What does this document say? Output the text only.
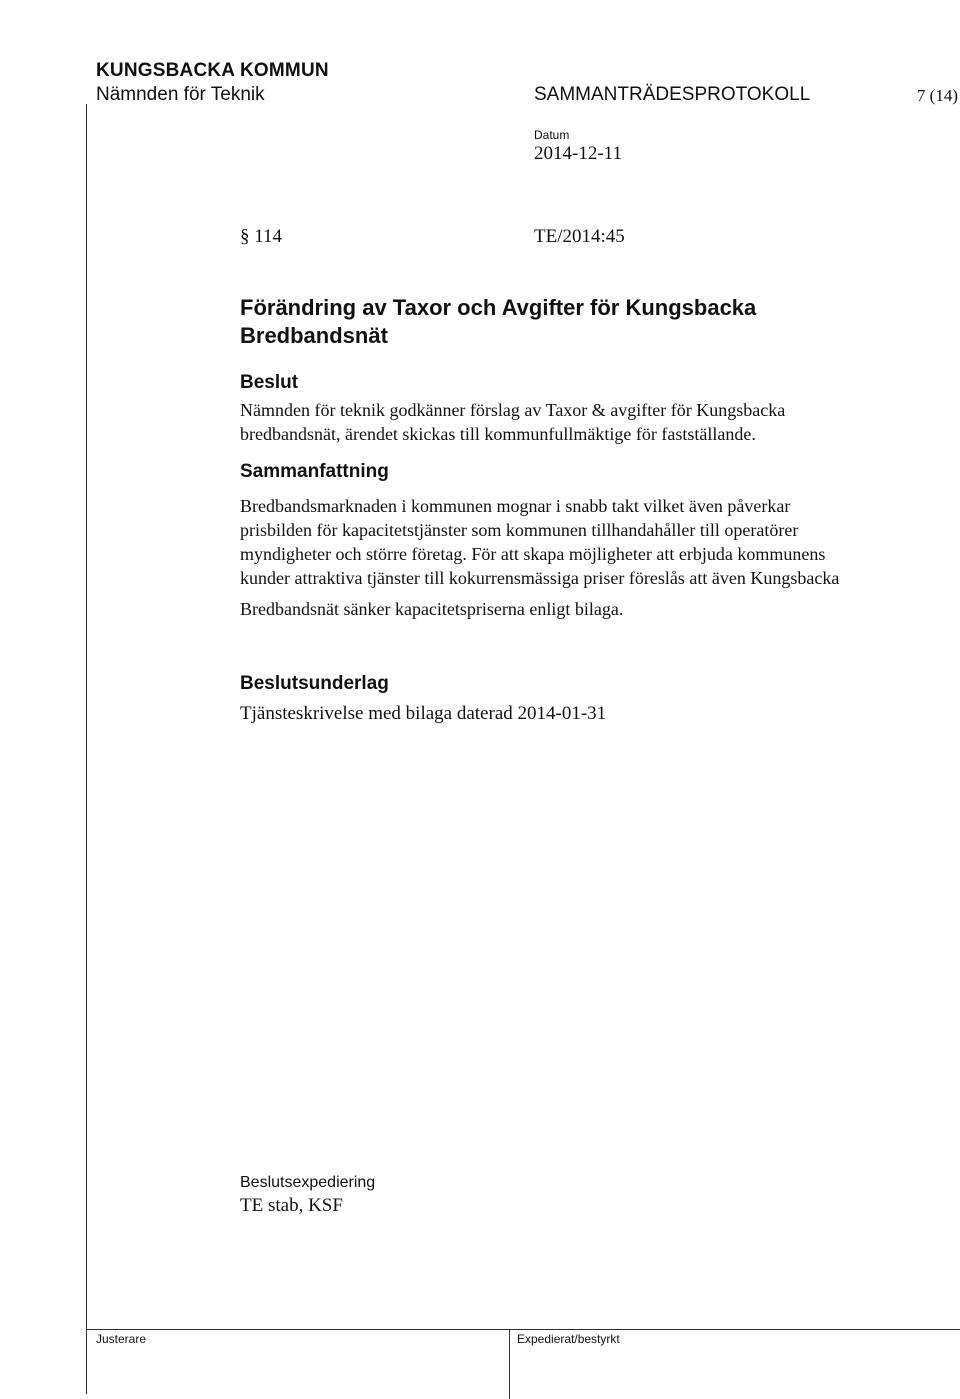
KUNGSBACKA KOMMUN
Nämnden för Teknik	SAMMANTRÄDESPROTOKOLL	7 (14)
Datum
2014-12-11
§ 114	TE/2014:45
Förändring av Taxor och Avgifter för Kungsbacka Bredbandsnät
Beslut
Nämnden för teknik godkänner förslag av Taxor & avgifter för Kungsbacka
bredbandsnät, ärendet skickas till kommunfullmäktige för fastställande.
Sammanfattning
Bredbandsmarknaden i kommunen mognar i snabb takt vilket även påverkar
prisbilden för kapacitetstjänster som kommunen tillhandahåller till operatörer
myndigheter och större företag. För att skapa möjligheter att erbjuda kommunens
kunder attraktiva tjänster till kokurrensmässiga priser föreslås att även Kungsbacka
Bredbandsnät sänker kapacitetspriserna enligt bilaga.
Beslutsunderlag
Tjänsteskrivelse med bilaga daterad 2014-01-31
Beslutsexpediering
TE stab, KSF
Justerare	Expedierat/bestyrkt
